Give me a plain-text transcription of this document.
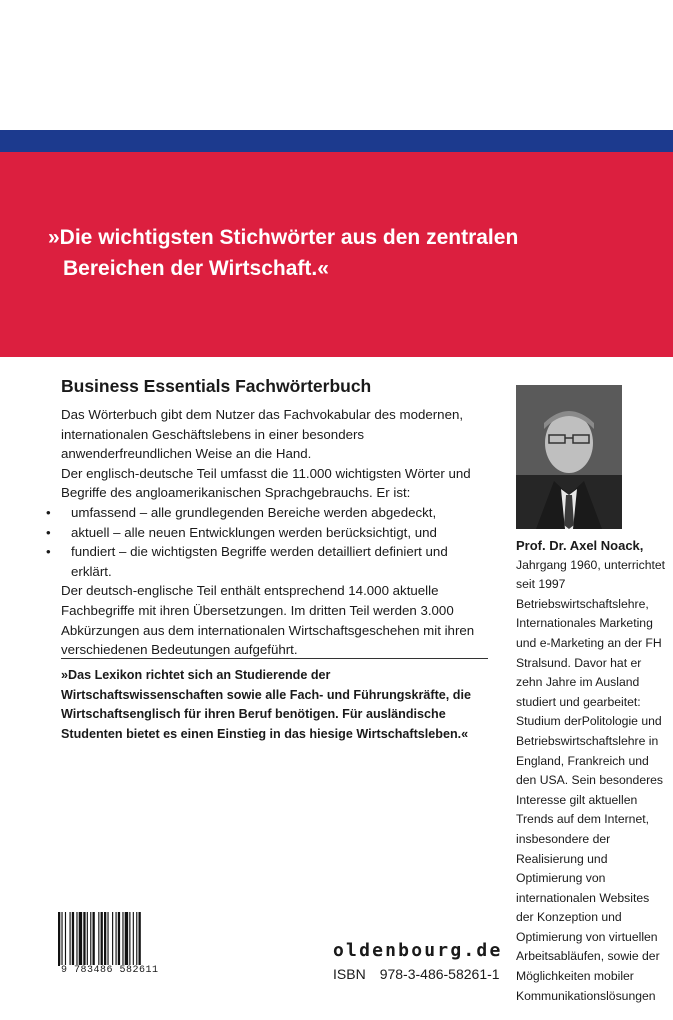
»Die wichtigsten Stichwörter aus den zentralen
Bereichen der Wirtschaft.«
Business Essentials Fachwörterbuch

Das Wörterbuch gibt dem Nutzer das Fachvokabular des modernen, internationalen Geschäftslebens in einer besonders anwenderfreundlichen Weise an die Hand.

Der englisch-deutsche Teil umfasst die 11.000 wichtigsten Wörter und Begriffe des angloamerikanischen Sprachgebrauchs. Er ist:

• umfassend – alle grundlegenden Bereiche werden abgedeckt,
• aktuell – alle neuen Entwicklungen werden berücksichtigt, und
• fundiert – die wichtigsten Begriffe werden detailliert definiert und erklärt.

Der deutsch-englische Teil enthält entsprechend 14.000 aktuelle Fachbegriffe mit ihren Übersetzungen. Im dritten Teil werden 3.000 Abkürzungen aus dem internationalen Wirtschaftsgeschehen mit ihren verschiedenen Bedeutungen aufgeführt.

»Das Lexikon richtet sich an Studierende der Wirtschaftswissenschaften sowie alle Fach- und Führungskräfte, die Wirtschaftsenglisch für ihren Beruf benötigen. Für ausländische Studenten bietet es einen Einstieg in das hiesige Wirtschaftsleben.«

Prof. Dr. Axel Noack,

Jahrgang 1960, unterrichtet seit 1997 Betriebswirtschaftslehre, Internationales Marketing und e-Marketing an der FH Stralsund. Davor hat er zehn Jahre im Ausland studiert und gearbeitet: Studium derPolitologie und Betriebswirtschaftslehre in England, Frankreich und den USA. Sein besonderes Interesse gilt aktuellen Trends auf dem Internet, insbesondere der Realisierung und Optimierung von internationalen Websites der Konzeption und Optimierung von virtuellen Arbeitsabläufen, sowie der Möglichkeiten mobiler Kommunikationslösungen

9 783486 582611
oldenbourg.de
ISBN 978-3-486-58261-1
